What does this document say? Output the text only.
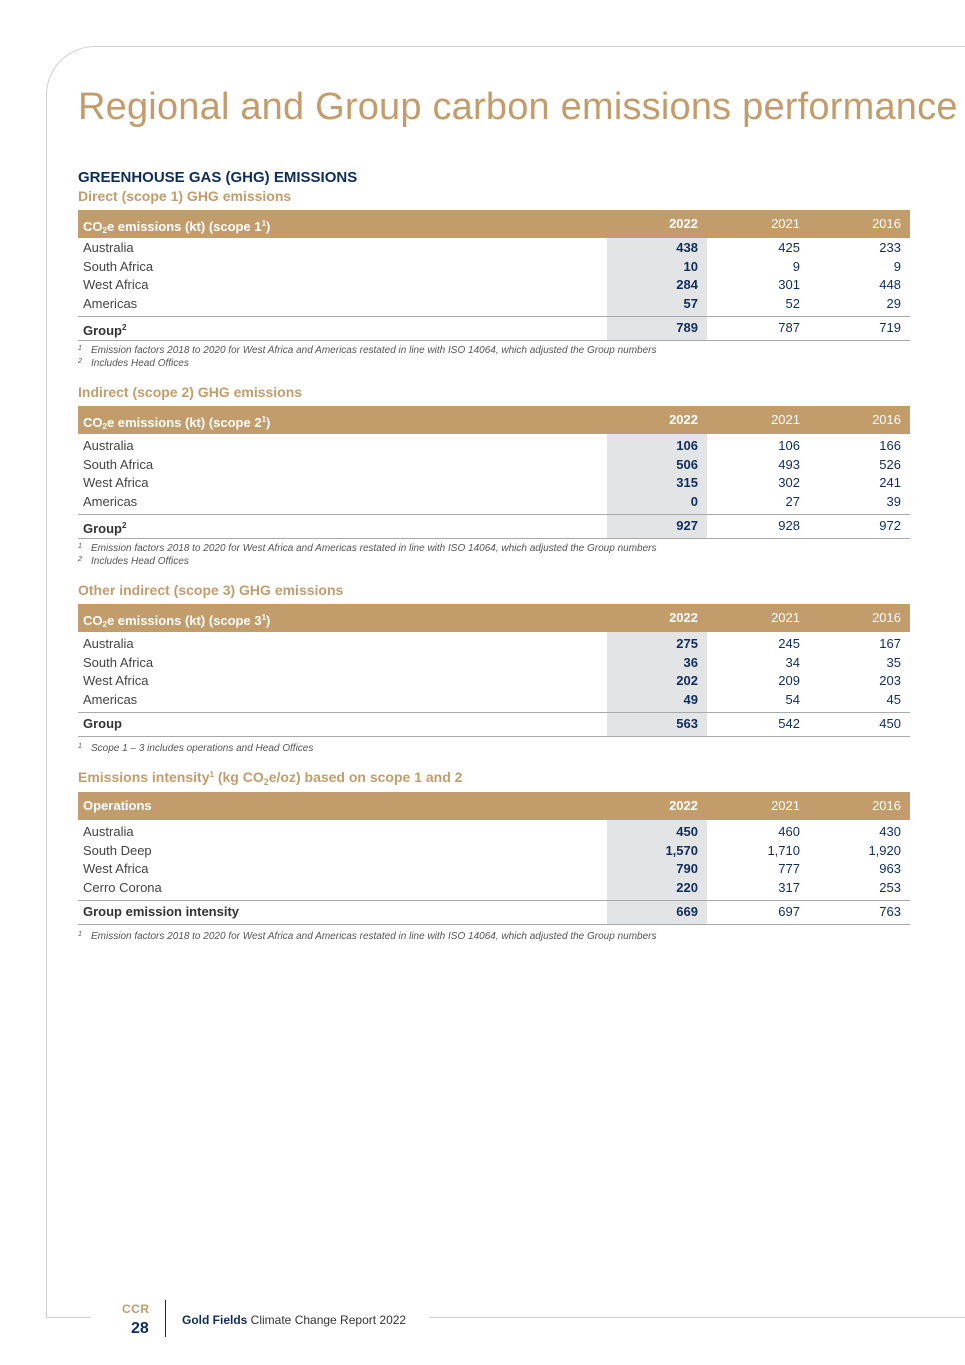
Regional and Group carbon emissions performance
GREENHOUSE GAS (GHG) EMISSIONS
Direct (scope 1) GHG emissions
$CO_2e$ emissions (kt) (scope $1^1$)	2022	2021	2016
Australia	438	425	233
South Africa	10	9	9
West Africa	284	301	448
Americas	57	52	29
Group$^2$	789	787	719
1 Emission factors 2018 to 2020 for West Africa and Americas restated in line with ISO 14064, which adjusted the Group numbers
2 Includes Head Offices
Indirect (scope 2) GHG emissions
$CO_2e$ emissions (kt) (scope $2^1$)	2022	2021	2016
Australia	106	106	166
South Africa	506	493	526
West Africa	315	302	241
Americas	0	27	39
Group$^2$	927	928	972
1 Emission factors 2018 to 2020 for West Africa and Americas restated in line with ISO 14064, which adjusted the Group numbers
2 Includes Head Offices
Other indirect (scope 3) GHG emissions
$CO_2e$ emissions (kt) (scope $3^1$)	2022	2021	2016
Australia	275	245	167
South Africa	36	34	35
West Africa	202	209	203
Americas	49	54	45
Group	563	542	450
1 Scope 1 – 3 includes operations and Head Offices
Emissions intensity$^1$ (kg $CO_2e/oz$) based on scope 1 and 2
Operations	2022	2021	2016
Australia	450	460	430
South Deep	1,570	1,710	1,920
West Africa	790	777	963
Cerro Corona	220	317	253
Group emission intensity	669	697	763
1 Emission factors 2018 to 2020 for West Africa and Americas restated in line with ISO 14064, which adjusted the Group numbers
CCR
28	Gold Fields Climate Change Report 2022
